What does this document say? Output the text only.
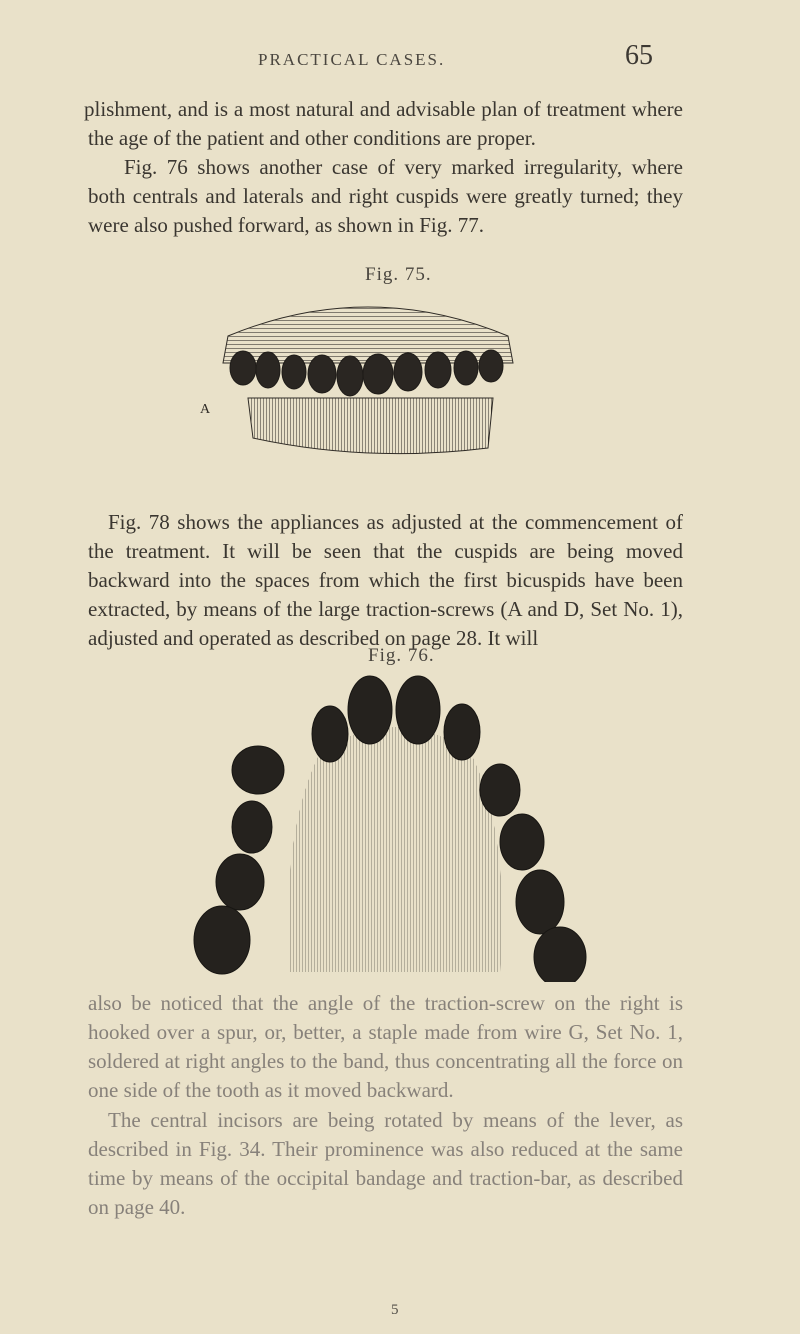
PRACTICAL CASES.	65

plishment, and is a most natural and advisable plan of treatment where the age of the patient and other conditions are proper.

Fig. 76 shows another case of very marked irregularity, where both centrals and laterals and right cuspids were greatly turned; they were also pushed forward, as shown in Fig. 77.

Fig. 75.
A

Fig. 78 shows the appliances as adjusted at the commencement of the treatment. It will be seen that the cuspids are being moved backward into the spaces from which the first bicuspids have been extracted, by means of the large traction-screws (A and D, Set No. 1), adjusted and operated as described on page 28. It will

Fig. 76.

also be noticed that the angle of the traction-screw on the right is hooked over a spur, or, better, a staple made from wire G, Set No. 1, soldered at right angles to the band, thus concentrating all the force on one side of the tooth as it moved backward.

The central incisors are being rotated by means of the lever, as described in Fig. 34. Their prominence was also reduced at the same time by means of the occipital bandage and traction-bar, as described on page 40.

5
